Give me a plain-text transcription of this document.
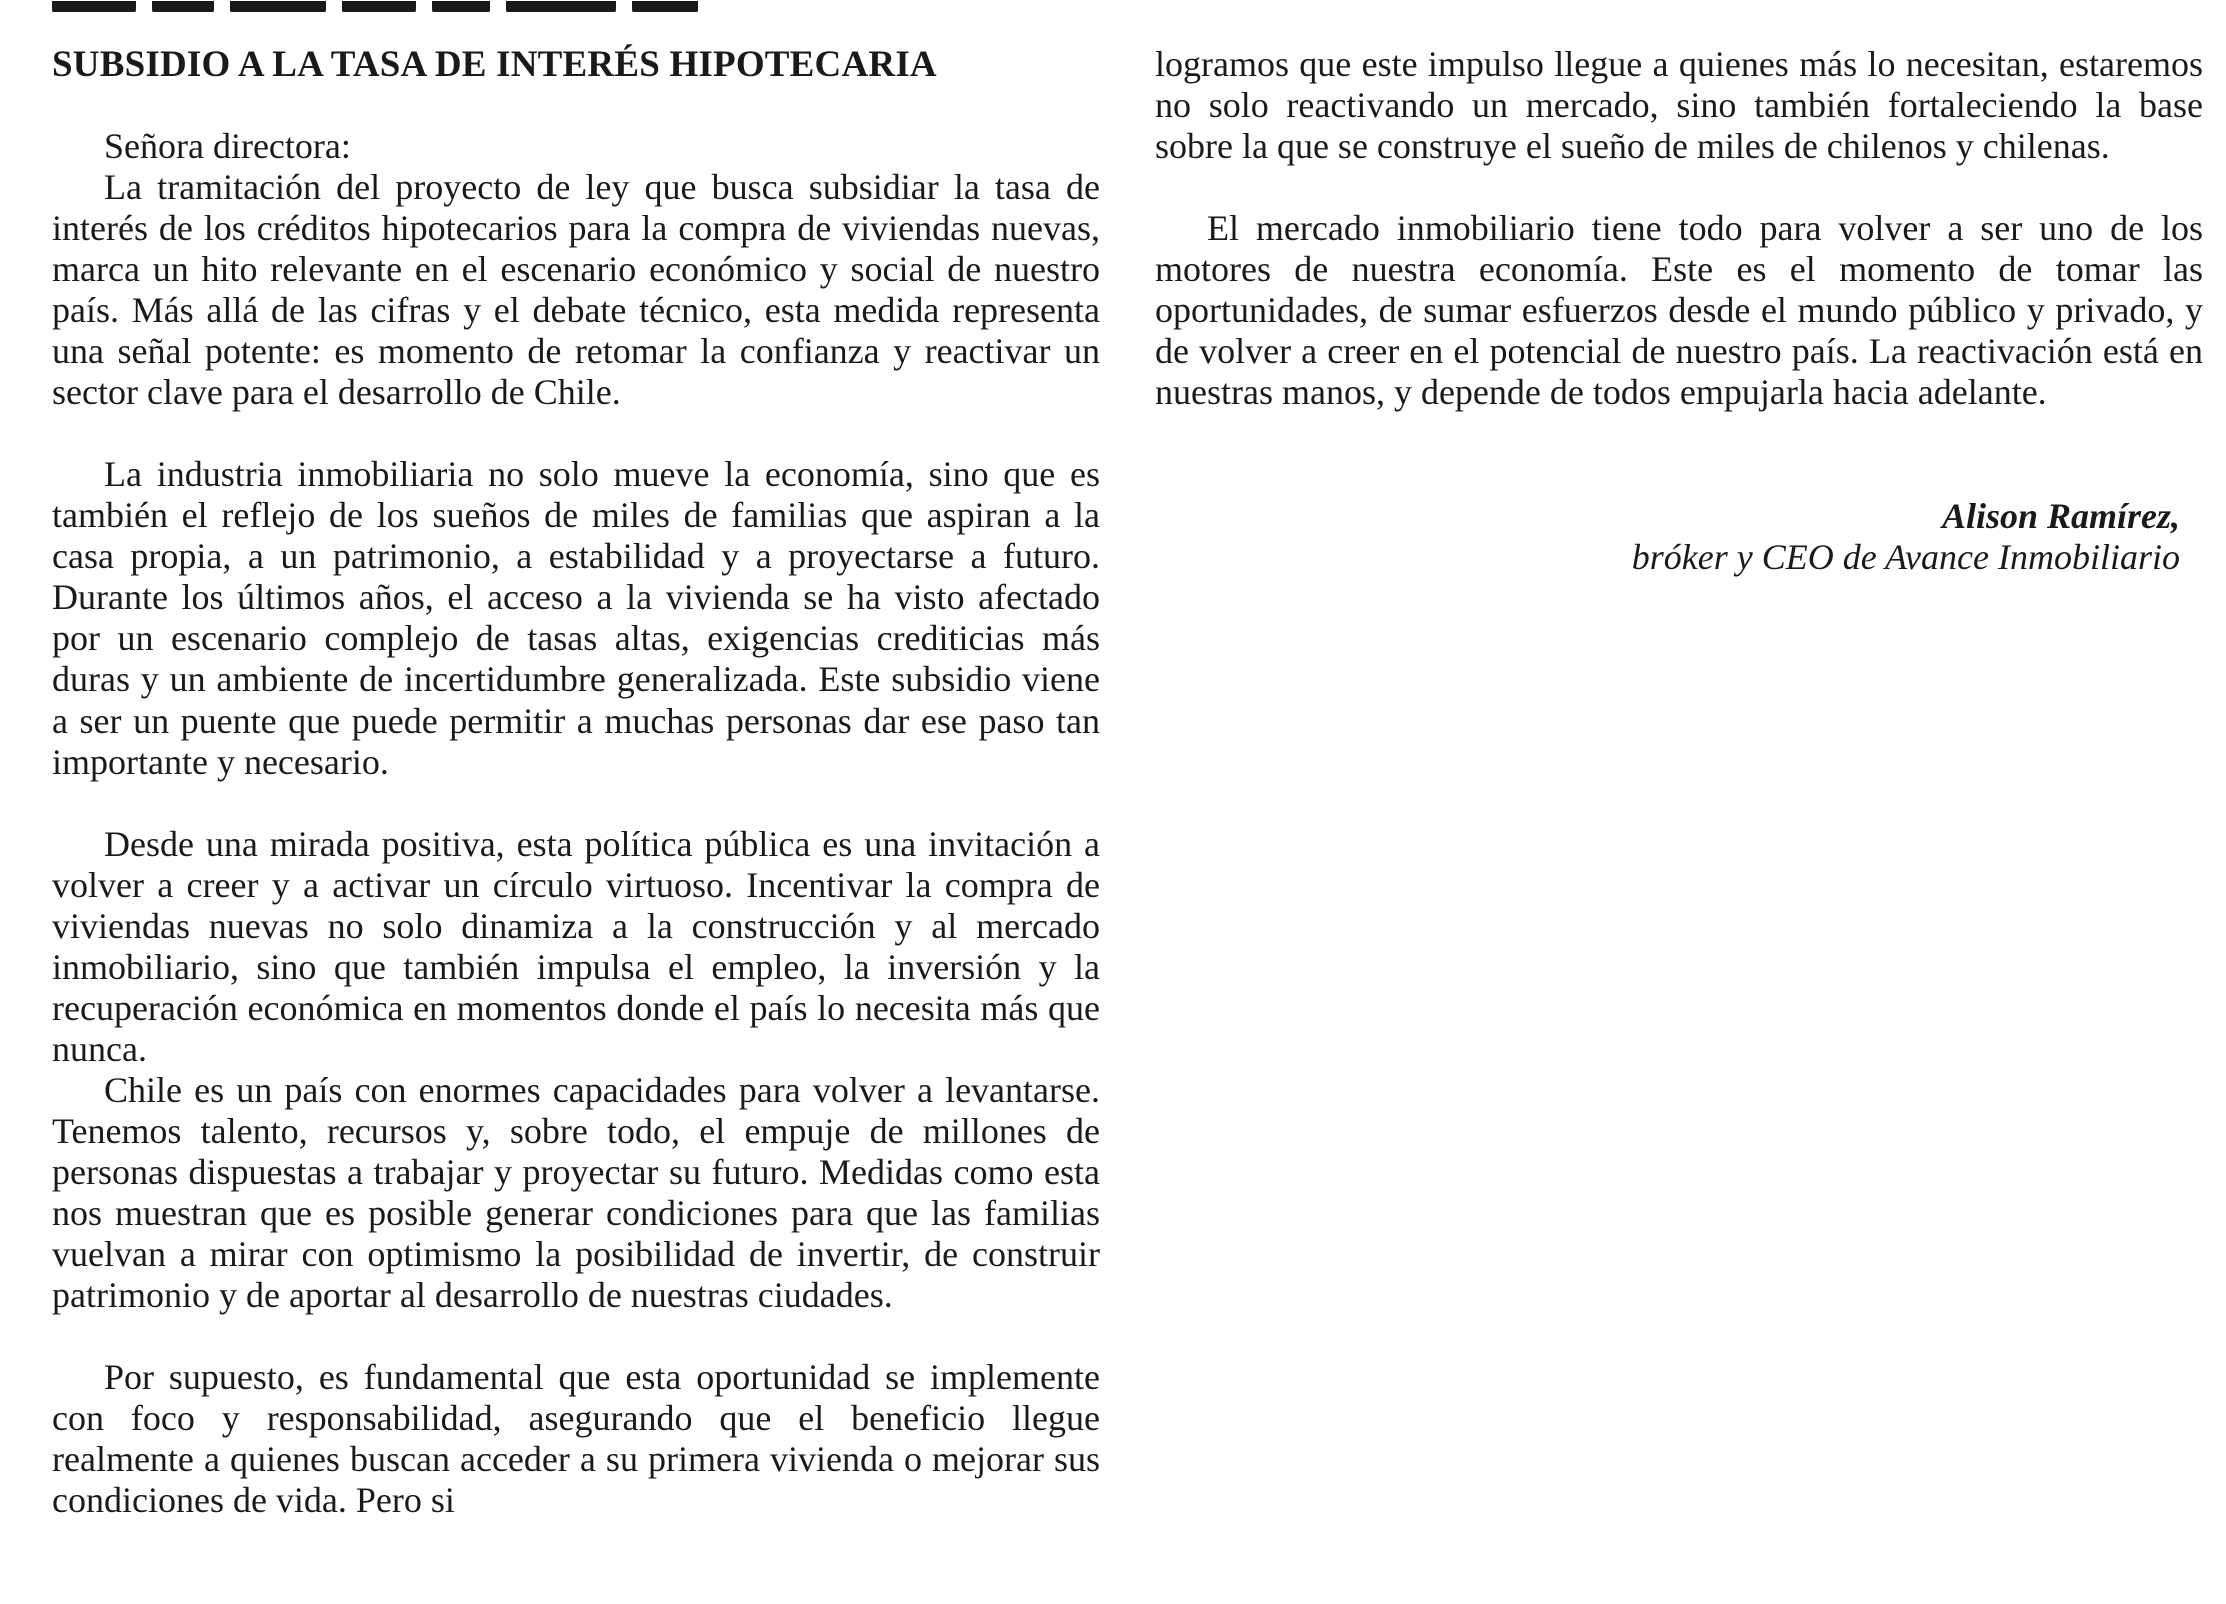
SUBSIDIO A LA TASA DE INTERÉS HIPOTECARIA

Señora directora:

La tramitación del proyecto de ley que busca subsidiar la tasa de interés de los créditos hipotecarios para la compra de viviendas nuevas, marca un hito relevante en el escenario económico y social de nuestro país. Más allá de las cifras y el debate técnico, esta medida representa una señal potente: es momento de retomar la confianza y reactivar un sector clave para el desarrollo de Chile.

La industria inmobiliaria no solo mueve la economía, sino que es también el reflejo de los sueños de miles de familias que aspiran a la casa propia, a un patrimonio, a estabilidad y a proyectarse a futuro. Durante los últimos años, el acceso a la vivienda se ha visto afectado por un escenario complejo de tasas altas, exigencias crediticias más duras y un ambiente de incertidumbre generalizada. Este subsidio viene a ser un puente que puede permitir a muchas personas dar ese paso tan importante y necesario.

Desde una mirada positiva, esta política pública es una invitación a volver a creer y a activar un círculo virtuoso. Incentivar la compra de viviendas nuevas no solo dinamiza a la construcción y al mercado inmobiliario, sino que también impulsa el empleo, la inversión y la recuperación económica en momentos donde el país lo necesita más que nunca.

Chile es un país con enormes capacidades para volver a levantarse. Tenemos talento, recursos y, sobre todo, el empuje de millones de personas dispuestas a trabajar y proyectar su futuro. Medidas como esta nos muestran que es posible generar condiciones para que las familias vuelvan a mirar con optimismo la posibilidad de invertir, de construir patrimonio y de aportar al desarrollo de nuestras ciudades.

Por supuesto, es fundamental que esta oportunidad se implemente con foco y responsabilidad, asegurando que el beneficio llegue realmente a quienes buscan acceder a su primera vivienda o mejorar sus condiciones de vida. Pero si

logramos que este impulso llegue a quienes más lo necesitan, estaremos no solo reactivando un mercado, sino también fortaleciendo la base sobre la que se construye el sueño de miles de chilenos y chilenas.

El mercado inmobiliario tiene todo para volver a ser uno de los motores de nuestra economía. Este es el momento de tomar las oportunidades, de sumar esfuerzos desde el mundo público y privado, y de volver a creer en el potencial de nuestro país. La reactivación está en nuestras manos, y depende de todos empujarla hacia adelante.

Alison Ramírez,
bróker y CEO de Avance Inmobiliario
